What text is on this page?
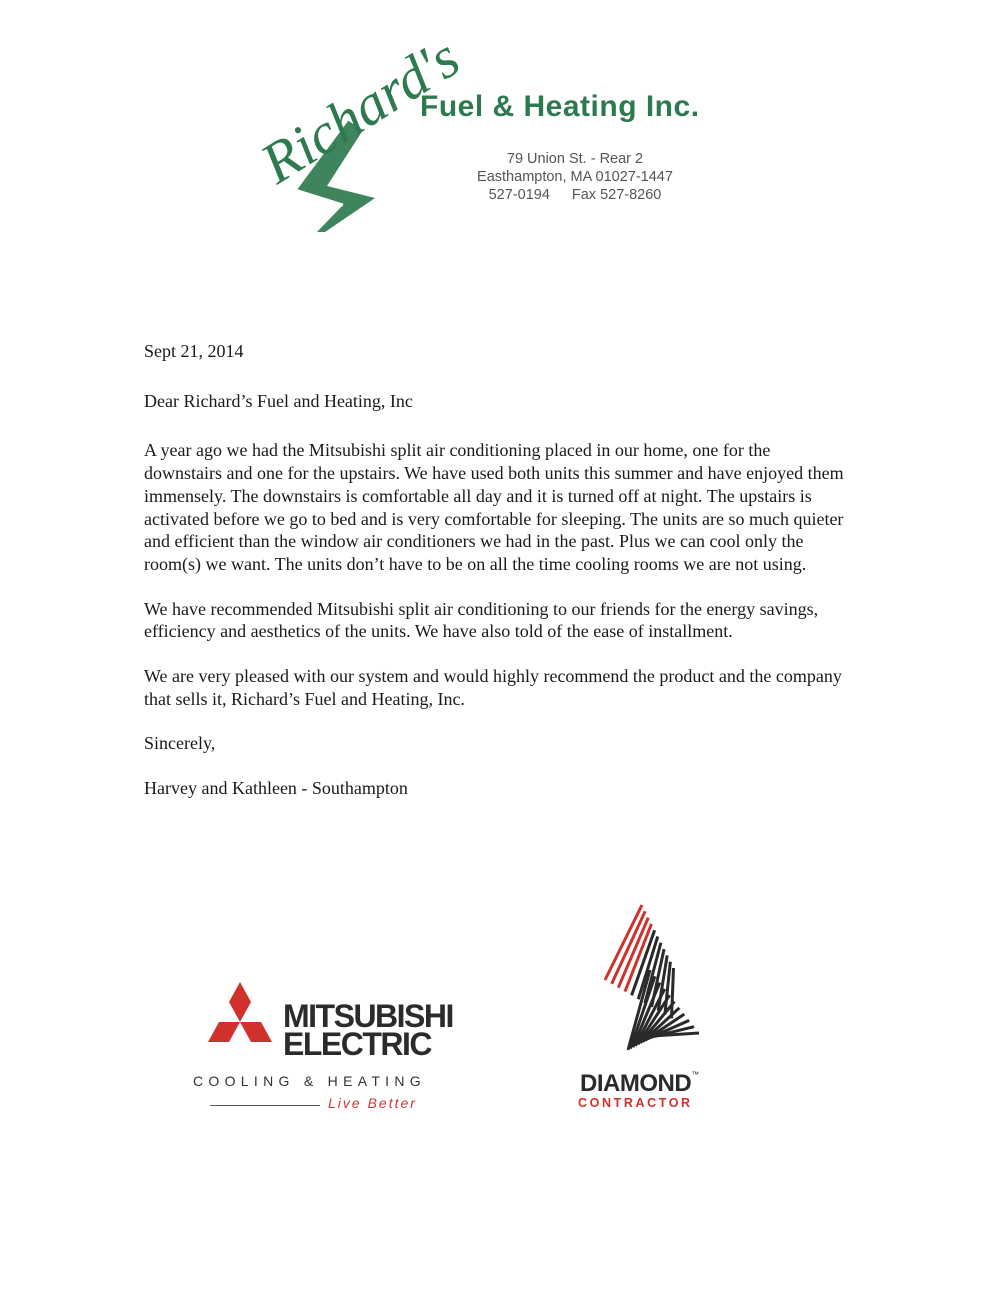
Richard's
Fuel & Heating Inc.
79 Union St. - Rear 2
Easthampton, MA 01027-1447
527-0194 Fax 527-8260

Sept 21, 2014

Dear Richard’s Fuel and Heating, Inc

A year ago we had the Mitsubishi split air conditioning placed in our home, one for the downstairs and one for the upstairs. We have used both units this summer and have enjoyed them immensely. The downstairs is comfortable all day and it is turned off at night. The upstairs is activated before we go to bed and is very comfortable for sleeping. The units are so much quieter and efficient than the window air conditioners we had in the past. Plus we can cool only the room(s) we want. The units don’t have to be on all the time cooling rooms we are not using.

We have recommended Mitsubishi split air conditioning to our friends for the energy savings, efficiency and aesthetics of the units. We have also told of the ease of installment.

We are very pleased with our system and would highly recommend the product and the company that sells it, Richard’s Fuel and Heating, Inc.

Sincerely,

Harvey and Kathleen - Southampton

MITSUBISHI
ELECTRIC
COOLING & HEATING
Live Better
DIAMOND™
CONTRACTOR
